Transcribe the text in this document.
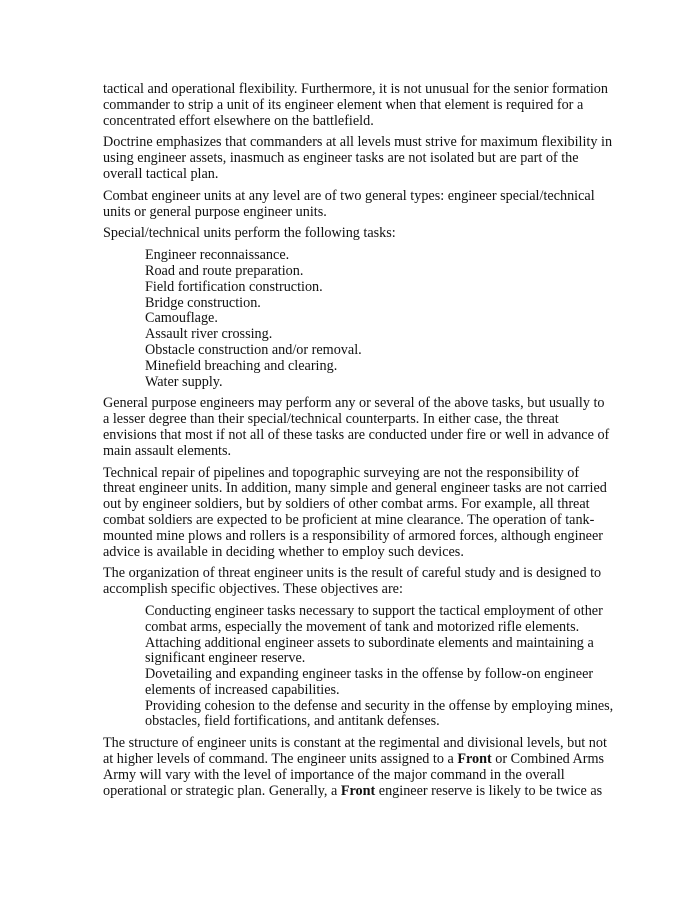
tactical and operational flexibility. Furthermore, it is not unusual for the senior formation
commander to strip a unit of its engineer element when that element is required for a
concentrated effort elsewhere on the battlefield.
Doctrine emphasizes that commanders at all levels must strive for maximum flexibility in
using engineer assets, inasmuch as engineer tasks are not isolated but are part of the
overall tactical plan.
Combat engineer units at any level are of two general types: engineer special/technical
units or general purpose engineer units.
Special/technical units perform the following tasks:
Engineer reconnaissance.
Road and route preparation.
Field fortification construction.
Bridge construction.
Camouflage.
Assault river crossing.
Obstacle construction and/or removal.
Minefield breaching and clearing.
Water supply.
General purpose engineers may perform any or several of the above tasks, but usually to
a lesser degree than their special/technical counterparts. In either case, the threat
envisions that most if not all of these tasks are conducted under fire or well in advance of
main assault elements.
Technical repair of pipelines and topographic surveying are not the responsibility of
threat engineer units. In addition, many simple and general engineer tasks are not carried
out by engineer soldiers, but by soldiers of other combat arms. For example, all threat
combat soldiers are expected to be proficient at mine clearance. The operation of tank-
mounted mine plows and rollers is a responsibility of armored forces, although engineer
advice is available in deciding whether to employ such devices.
The organization of threat engineer units is the result of careful study and is designed to
accomplish specific objectives. These objectives are:
Conducting engineer tasks necessary to support the tactical employment of other
combat arms, especially the movement of tank and motorized rifle elements.
Attaching additional engineer assets to subordinate elements and maintaining a
significant engineer reserve.
Dovetailing and expanding engineer tasks in the offense by follow-on engineer
elements of increased capabilities.
Providing cohesion to the defense and security in the offense by employing mines,
obstacles, field fortifications, and antitank defenses.
The structure of engineer units is constant at the regimental and divisional levels, but not
at higher levels of command. The engineer units assigned to a Front or Combined Arms
Army will vary with the level of importance of the major command in the overall
operational or strategic plan. Generally, a Front engineer reserve is likely to be twice as
